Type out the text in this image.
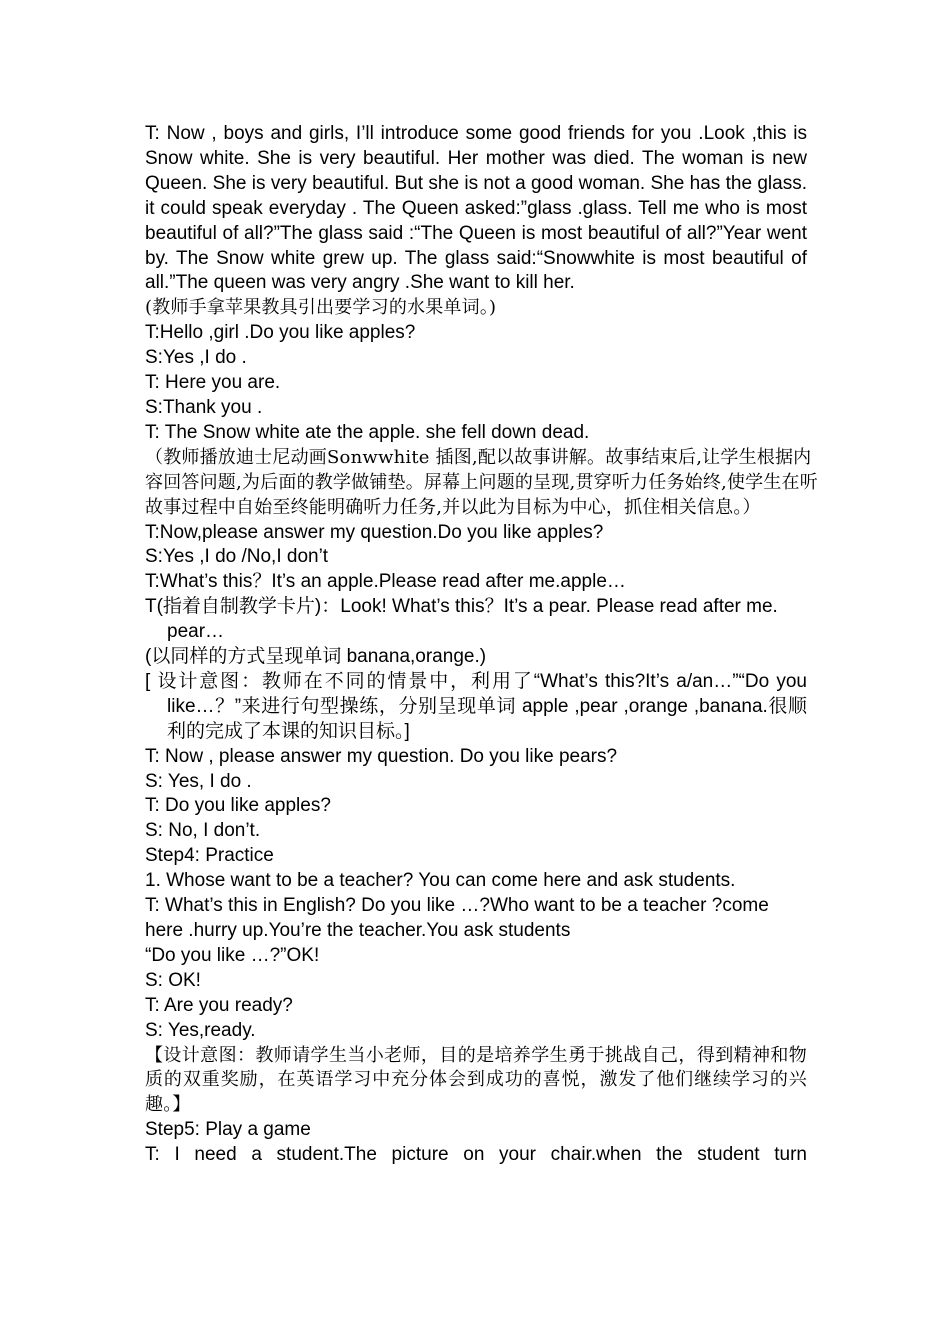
T: Now , boys and girls, I’ll introduce some good friends for you .Look ,this is Snow white. She is very beautiful. Her mother was died. The woman is new Queen. She is very beautiful. But she is not a good woman. She has the glass. it could speak everyday . The Queen asked:”glass .glass. Tell me who is most beautiful of all?”The glass said :“The Queen is most beautiful of all?”Year went by. The Snow white grew up. The glass said:“Snowwhite is most beautiful of all.”The queen was very angry .She want to kill her.

(教师手拿苹果教具引出要学习的水果单词。)

T:Hello ,girl .Do you like apples?

S:Yes ,I do .

T: Here you are.

S:Thank you .

T: The Snow white ate the apple. she fell down dead.

（教师播放迪士尼动画Sonwwhite 插图,配以故事讲解。故事结束后,让学生根据内容回答问题,为后面的教学做铺垫。屏幕上问题的呈现,贯穿听力任务始终,使学生在听故事过程中自始至终能明确听力任务,并以此为目标为中心，抓住相关信息。）

T:Now,please answer my question.Do you like apples?

S:Yes ,I do /No,I don’t

T:What’s this？It’s an apple.Please read after me.apple…

T(指着自制教学卡片)：Look! What’s this？It’s a pear. Please read after me. pear…

(以同样的方式呈现单词 banana,orange.)

[ 设计意图：教师在不同的情景中，利用了“What’s this?It’s a/an…”“Do you like…？”来进行句型操练，分别呈现单词 apple ,pear ,orange ,banana.很顺利的完成了本课的知识目标。]

T: Now , please answer my question. Do you like pears?

S: Yes, I do .

T: Do you like apples?

S: No, I don’t.

Step4: Practice

1. Whose want to be a teacher? You can come here and ask students.

T: What’s this in English? Do you like …?Who want to be a teacher ?come here .hurry up.You’re the teacher.You ask students

“Do you like …?”OK!

S: OK!

T: Are you ready?

S: Yes,ready.

【设计意图：教师请学生当小老师，目的是培养学生勇于挑战自己，得到精神和物质的双重奖励，在英语学习中充分体会到成功的喜悦，激发了他们继续学习的兴趣。】

Step5: Play a game

T: I need a student.The picture on your chair.when the student turn
